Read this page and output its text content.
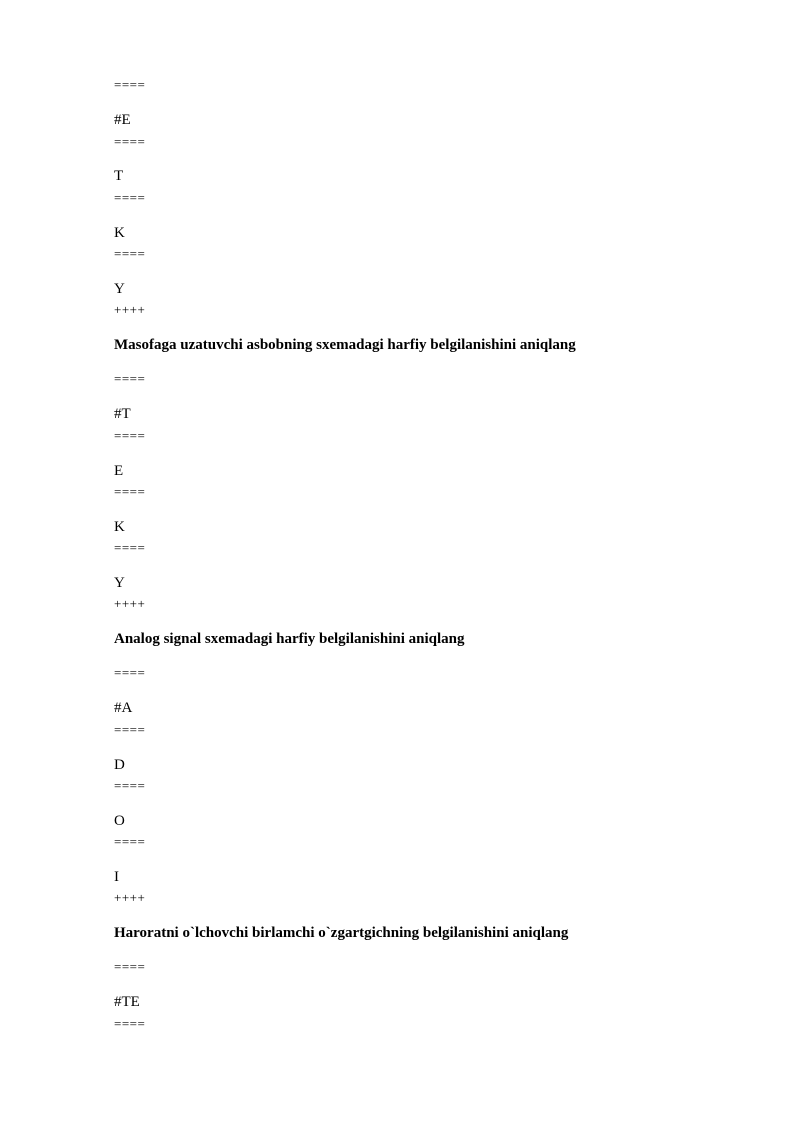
====
#E
====
T
====
K
====
Y
++++
Masofaga uzatuvchi asbobning sxemadagi harfiy belgilanishini aniqlang
====
#T
====
E
====
K
====
Y
++++
Analog signal sxemadagi harfiy belgilanishini aniqlang
====
#A
====
D
====
O
====
I
++++
Haroratni o`lchovchi birlamchi o`zgartgichning belgilanishini aniqlang
====
#TE
====
